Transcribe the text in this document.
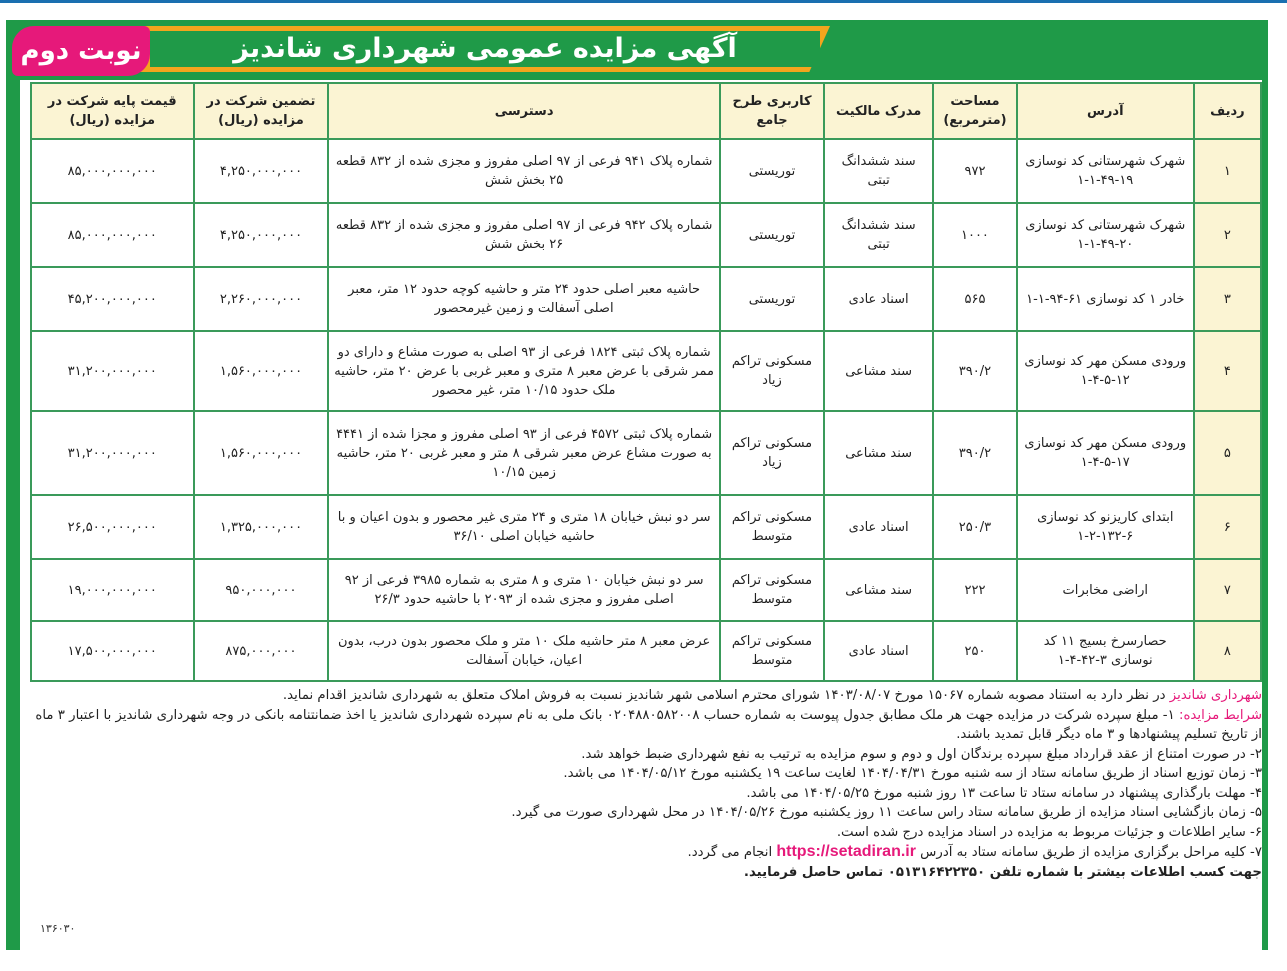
آگهی مزایده عمومی شهرداری شاندیز
نوبت دوم
ردیف	آدرس	مساحت (مترمربع)	مدرک مالکیت	کاربری طرح جامع	دسترسی	تضمین شرکت در مزایده (ریال)	قیمت پایه شرکت در مزایده (ریال)
۱	شهرک شهرستانی کد نوسازی ۱۹-۴۹-۱-۱	۹۷۲	سند ششدانگ تبتی	توریستی	شماره پلاک ۹۴۱ فرعی از ۹۷ اصلی مفروز و مجزی شده از ۸۳۲ قطعه ۲۵ بخش شش	۴,۲۵۰,۰۰۰,۰۰۰	۸۵,۰۰۰,۰۰۰,۰۰۰
۲	شهرک شهرستانی کد نوسازی ۲۰-۴۹-۱-۱	۱۰۰۰	سند ششدانگ تبتی	توریستی	شماره پلاک ۹۴۲ فرعی از ۹۷ اصلی مفروز و مجزی شده از ۸۳۲ قطعه ۲۶ بخش شش	۴,۲۵۰,۰۰۰,۰۰۰	۸۵,۰۰۰,۰۰۰,۰۰۰
۳	خادر ۱ کد نوسازی ۶۱-۹۴-۱-۱	۵۶۵	اسناد عادی	توریستی	حاشیه معبر اصلی حدود ۲۴ متر و حاشیه کوچه حدود ۱۲ متر، معبر اصلی آسفالت و زمین غیرمحصور	۲,۲۶۰,۰۰۰,۰۰۰	۴۵,۲۰۰,۰۰۰,۰۰۰
۴	ورودی مسکن مهر کد نوسازی ۱۲-۵-۴-۱	۳۹۰/۲	سند مشاعی	مسکونی تراکم زیاد	شماره پلاک ثبتی ۱۸۲۴ فرعی از ۹۳ اصلی به صورت مشاع و دارای دو ممر شرقی با عرض معبر ۸ متری و معبر غربی با عرض ۲۰ متر، حاشیه ملک حدود ۱۰/۱۵ متر، غیر محصور	۱,۵۶۰,۰۰۰,۰۰۰	۳۱,۲۰۰,۰۰۰,۰۰۰
۵	ورودی مسکن مهر کد نوسازی ۱۷-۵-۴-۱	۳۹۰/۲	سند مشاعی	مسکونی تراکم زیاد	شماره پلاک ثبتی ۴۵۷۲ فرعی از ۹۳ اصلی مفروز و مجزا شده از ۴۴۴۱ به صورت مشاع عرض معبر شرقی ۸ متر و معبر غربی ۲۰ متر، حاشیه زمین ۱۰/۱۵	۱,۵۶۰,۰۰۰,۰۰۰	۳۱,۲۰۰,۰۰۰,۰۰۰
۶	ابتدای کاریزنو کد نوسازی ۶-۱۳۲-۲-۱	۲۵۰/۳	اسناد عادی	مسکونی تراکم متوسط	سر دو نبش خیابان ۱۸ متری و ۲۴ متری غیر محصور و بدون اعیان و با حاشیه خیابان اصلی ۳۶/۱۰	۱,۳۲۵,۰۰۰,۰۰۰	۲۶,۵۰۰,۰۰۰,۰۰۰
۷	اراضی مخابرات	۲۲۲	سند مشاعی	مسکونی تراکم متوسط	سر دو نبش خیابان ۱۰ متری و ۸ متری به شماره ۳۹۸۵ فرعی از ۹۲ اصلی مفروز و مجزی شده از ۲۰۹۳ با حاشیه حدود ۲۶/۳	۹۵۰,۰۰۰,۰۰۰	۱۹,۰۰۰,۰۰۰,۰۰۰
۸	حصارسرخ بسیج ۱۱ کد نوسازی ۳-۴۲-۴-۱	۲۵۰	اسناد عادی	مسکونی تراکم متوسط	عرض معبر ۸ متر حاشیه ملک ۱۰ متر و ملک محصور بدون درب، بدون اعیان، خیابان آسفالت	۸۷۵,۰۰۰,۰۰۰	۱۷,۵۰۰,۰۰۰,۰۰۰

شهرداری شاندیز در نظر دارد به استناد مصوبه شماره ۱۵۰۶۷ مورخ ۱۴۰۳/۰۸/۰۷ شورای محترم اسلامی شهر شاندیز نسبت به فروش املاک متعلق به شهرداری شاندیز اقدام نماید.

شرایط مزایده: ۱- مبلغ سپرده شرکت در مزایده جهت هر ملک مطابق جدول پیوست به شماره حساب ۰۲۰۴۸۸۰۵۸۲۰۰۸ بانک ملی به نام سپرده شهرداری شاندیز یا اخذ ضمانتنامه بانکی در وجه شهرداری شاندیز با اعتبار ۳ ماه از تاریخ تسلیم پیشنهادها و ۳ ماه دیگر قابل تمدید باشند.

۲- در صورت امتناع از عقد قرارداد مبلغ سپرده برندگان اول و دوم و سوم مزایده به ترتیب به نفع شهرداری ضبط خواهد شد.

۳- زمان توزیع اسناد از طریق سامانه ستاد از سه شنبه مورخ ۱۴۰۴/۰۴/۳۱ لغایت ساعت ۱۹ یکشنبه مورخ ۱۴۰۴/۰۵/۱۲ می باشد.

۴- مهلت بارگذاری پیشنهاد در سامانه ستاد تا ساعت ۱۳ روز شنبه مورخ ۱۴۰۴/۰۵/۲۵ می باشد.

۵- زمان بازگشایی اسناد مزایده از طریق سامانه ستاد راس ساعت ۱۱ روز یکشنبه مورخ ۱۴۰۴/۰۵/۲۶ در محل شهرداری صورت می گیرد.

۶- سایر اطلاعات و جزئیات مربوط به مزایده در اسناد مزایده درج شده است.

۷- کلیه مراحل برگزاری مزایده از طریق سامانه ستاد به آدرس https://setadiran.ir انجام می گردد.

جهت کسب اطلاعات بیشتر با شماره تلفن ۰۵۱۳۱۶۴۲۲۳۵۰ تماس حاصل فرمایید.

۱۳۶۰۳۰
